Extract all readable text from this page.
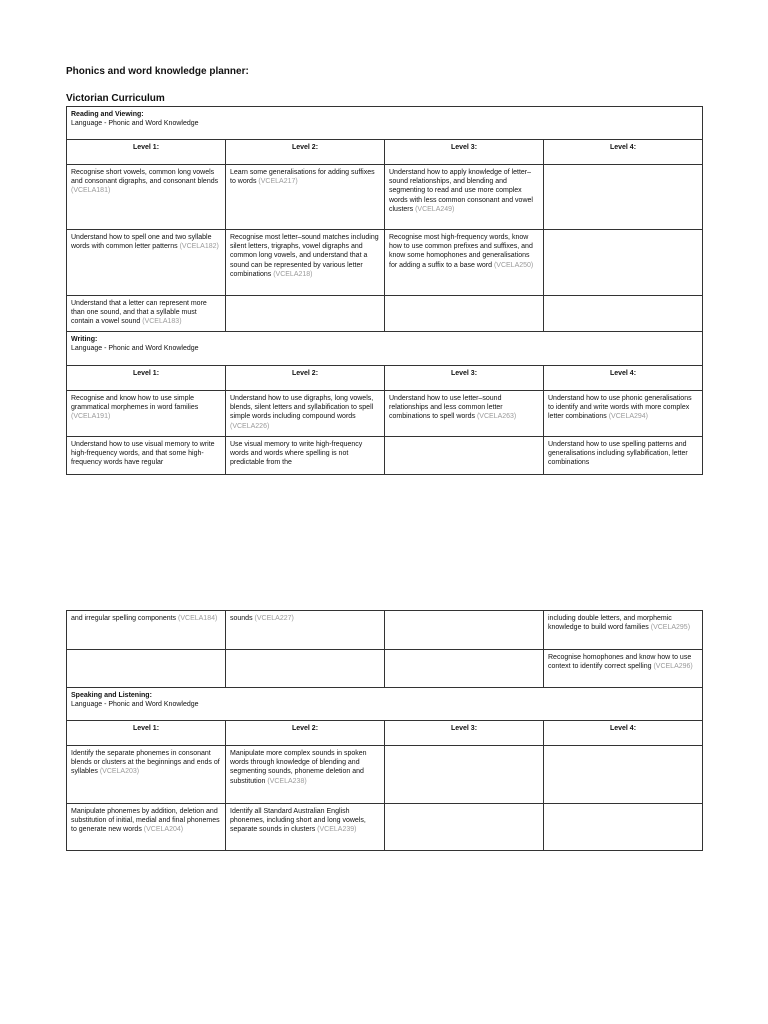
Phonics and word knowledge planner:
Victorian Curriculum
Reading and Viewing:
Language - Phonic and Word Knowledge			

Level 1:	Level 2:	Level 3:	Level 4:
Recognise short vowels, common long vowels and consonant digraphs, and consonant blends (VCELA181)	Learn some generalisations for adding suffixes to words (VCELA217)	Understand how to apply knowledge of letter–sound relationships, and blending and segmenting to read and use more complex words with less common consonant and vowel clusters (VCELA249)	
Understand how to spell one and two syllable words with common letter patterns (VCELA182)	Recognise most letter–sound matches including silent letters, trigraphs, vowel digraphs and common long vowels, and understand that a sound can be represented by various letter combinations (VCELA218)	Recognise most high-frequency words, know how to use common prefixes and suffixes, and know some homophones and generalisations for adding a suffix to a base word (VCELA250)	
Understand that a letter can represent more than one sound, and that a syllable must contain a vowel sound (VCELA183)			

Writing:
Language - Phonic and Word Knowledge			

Level 1:	Level 2:	Level 3:	Level 4:
Recognise and know how to use simple grammatical morphemes in word families (VCELA191)	Understand how to use digraphs, long vowels, blends, silent letters and syllabification to spell simple words including compound words (VCELA226)	Understand how to use letter–sound relationships and less common letter combinations to spell words (VCELA263)	Understand how to use phonic generalisations to identify and write words with more complex letter combinations (VCELA294)
Understand how to use visual memory to write high-frequency words, and that some high-frequency words have regular	Use visual memory to write high-frequency words and words where spelling is not predictable from the		Understand how to use spelling patterns and generalisations including syllabification, letter combinations
and irregular spelling components (VCELA184)	sounds (VCELA227)		including double letters, and morphemic knowledge to build word families (VCELA295)
			Recognise homophones and know how to use context to identify correct spelling (VCELA296)

Speaking and Listening:
Language - Phonic and Word Knowledge			

Level 1:	Level 2:	Level 3:	Level 4:
Identify the separate phonemes in consonant blends or clusters at the beginnings and ends of syllables (VCELA203)	Manipulate more complex sounds in spoken words through knowledge of blending and segmenting sounds, phoneme deletion and substitution (VCELA238)		
Manipulate phonemes by addition, deletion and substitution of initial, medial and final phonemes to generate new words (VCELA204)	Identify all Standard Australian English phonemes, including short and long vowels, separate sounds in clusters (VCELA239)		
